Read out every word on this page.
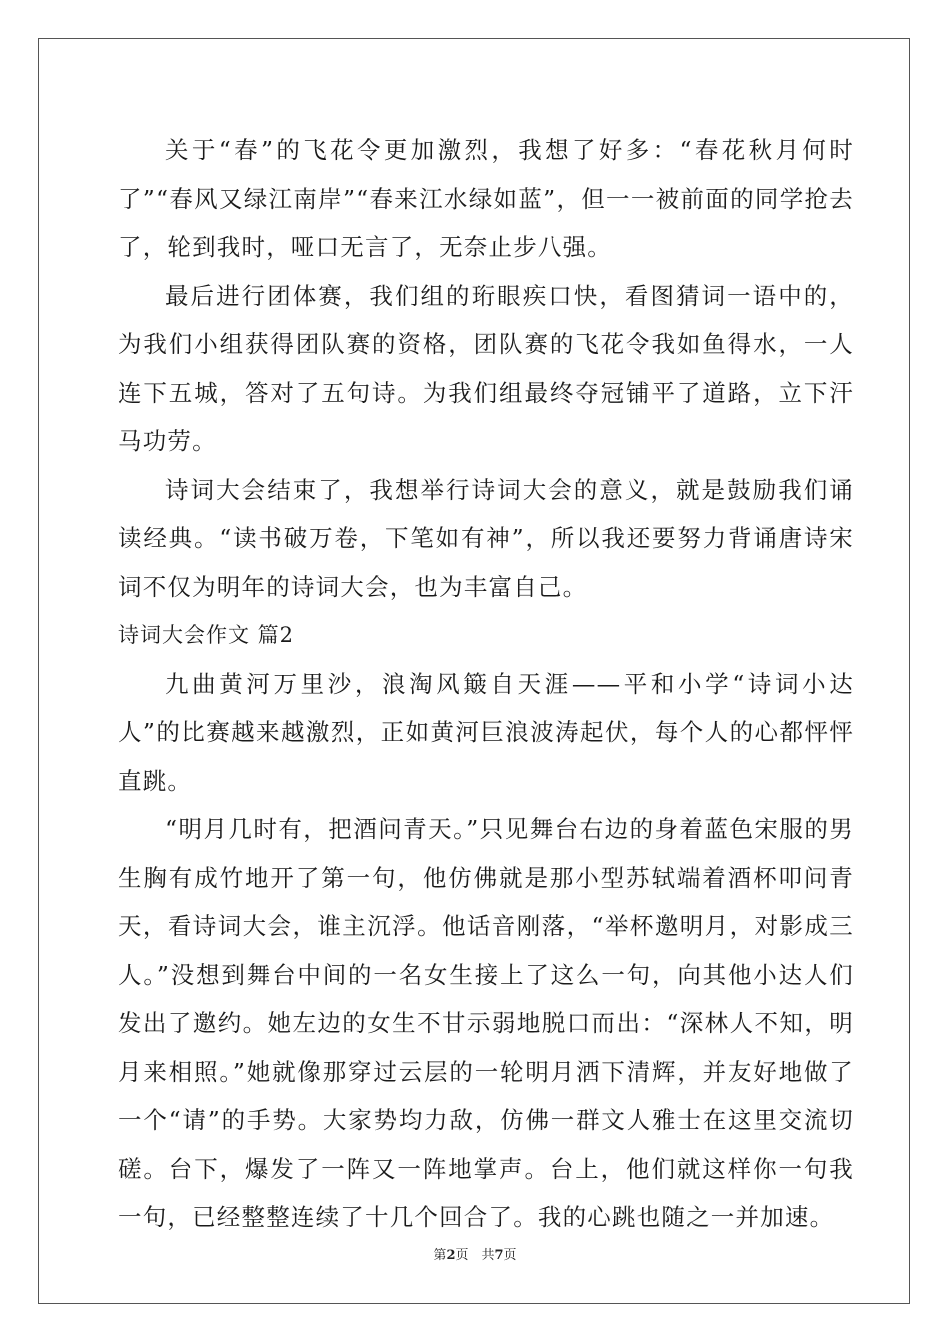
关于“春”的飞花令更加激烈，我想了好多：“春花秋月何时了”“春风又绿江南岸”“春来江水绿如蓝”，但一一被前面的同学抢去了，轮到我时，哑口无言了，无奈止步八强。

最后进行团体赛，我们组的珩眼疾口快，看图猜词一语中的，为我们小组获得团队赛的资格，团队赛的飞花令我如鱼得水，一人连下五城，答对了五句诗。为我们组最终夺冠铺平了道路，立下汗马功劳。

诗词大会结束了，我想举行诗词大会的意义，就是鼓励我们诵读经典。“读书破万卷，下笔如有神”，所以我还要努力背诵唐诗宋词不仅为明年的诗词大会，也为丰富自己。

诗词大会作文 篇2

九曲黄河万里沙，浪淘风簸自天涯——平和小学“诗词小达人”的比赛越来越激烈，正如黄河巨浪波涛起伏，每个人的心都怦怦直跳。

“明月几时有，把酒问青天。”只见舞台右边的身着蓝色宋服的男生胸有成竹地开了第一句，他仿佛就是那小型苏轼端着酒杯叩问青天，看诗词大会，谁主沉浮。他话音刚落，“举杯邀明月，对影成三人。”没想到舞台中间的一名女生接上了这么一句，向其他小达人们发出了邀约。她左边的女生不甘示弱地脱口而出：“深林人不知，明月来相照。”她就像那穿过云层的一轮明月洒下清辉，并友好地做了一个“请”的手势。大家势均力敌，仿佛一群文人雅士在这里交流切磋。台下，爆发了一阵又一阵地掌声。台上，他们就这样你一句我一句，已经整整连续了十几个回合了。我的心跳也随之一并加速。

第2页　共7页
